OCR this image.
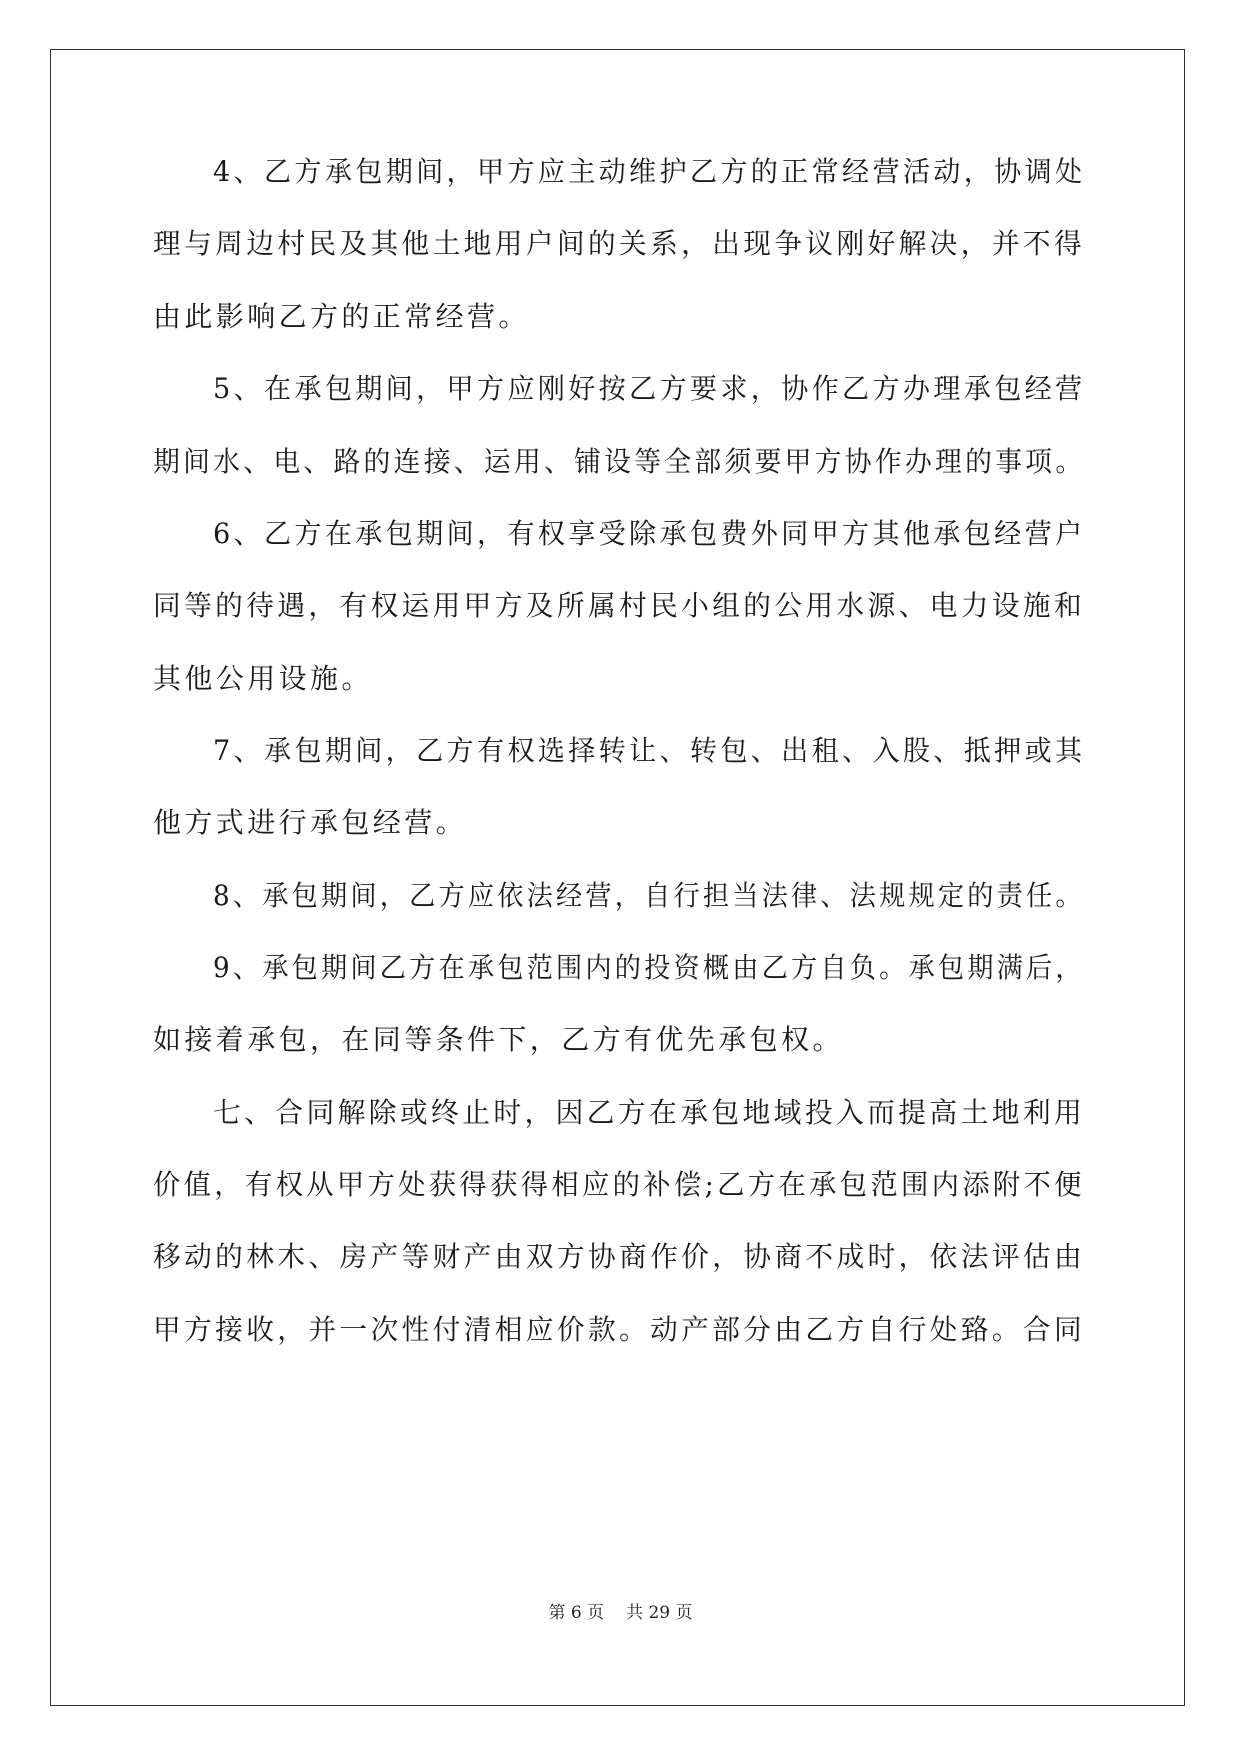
4、乙方承包期间，甲方应主动维护乙方的正常经营活动，协调处
理与周边村民及其他土地用户间的关系，出现争议刚好解决，并不得
由此影响乙方的正常经营。
5、在承包期间，甲方应刚好按乙方要求，协作乙方办理承包经营
期间水、电、路的连接、运用、铺设等全部须要甲方协作办理的事项。
6、乙方在承包期间，有权享受除承包费外同甲方其他承包经营户
同等的待遇，有权运用甲方及所属村民小组的公用水源、电力设施和
其他公用设施。
7、承包期间，乙方有权选择转让、转包、出租、入股、抵押或其
他方式进行承包经营。
8、承包期间，乙方应依法经营，自行担当法律、法规规定的责任。
9、承包期间乙方在承包范围内的投资概由乙方自负。承包期满后，
如接着承包，在同等条件下，乙方有优先承包权。
七、合同解除或终止时，因乙方在承包地域投入而提高土地利用
价值，有权从甲方处获得获得相应的补偿;乙方在承包范围内添附不便
移动的林木、房产等财产由双方协商作价，协商不成时，依法评估由
甲方接收，并一次性付清相应价款。动产部分由乙方自行处臵。合同
第 6 页 共 29 页
